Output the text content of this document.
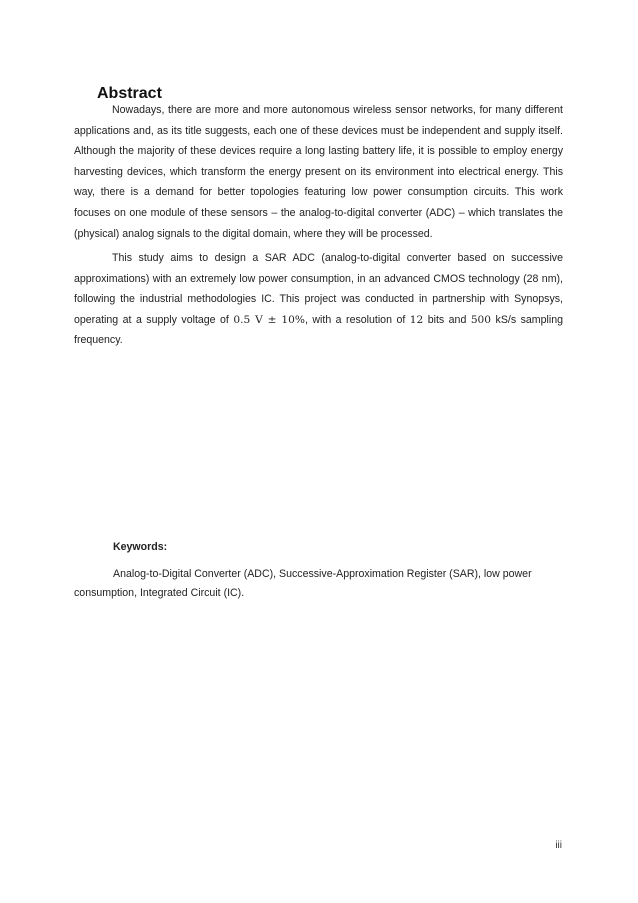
Abstract

Nowadays, there are more and more autonomous wireless sensor networks, for many different applications and, as its title suggests, each one of these devices must be independent and supply itself. Although the majority of these devices require a long lasting battery life, it is possible to employ energy harvesting devices, which transform the energy present on its environment into electrical energy. This way, there is a demand for better topologies featuring low power consumption circuits. This work focuses on one module of these sensors – the analog-to-digital converter (ADC) – which translates the (physical) analog signals to the digital domain, where they will be processed.

This study aims to design a SAR ADC (analog-to-digital converter based on successive approximations) with an extremely low power consumption, in an advanced CMOS technology (28 nm), following the industrial methodologies IC. This project was conducted in partnership with Synopsys, operating at a supply voltage of 0.5 V ± 10%, with a resolution of 12 bits and 500 kS/s sampling frequency.

Keywords:

Analog-to-Digital Converter (ADC), Successive-Approximation Register (SAR), low power consumption, Integrated Circuit (IC).

iii
